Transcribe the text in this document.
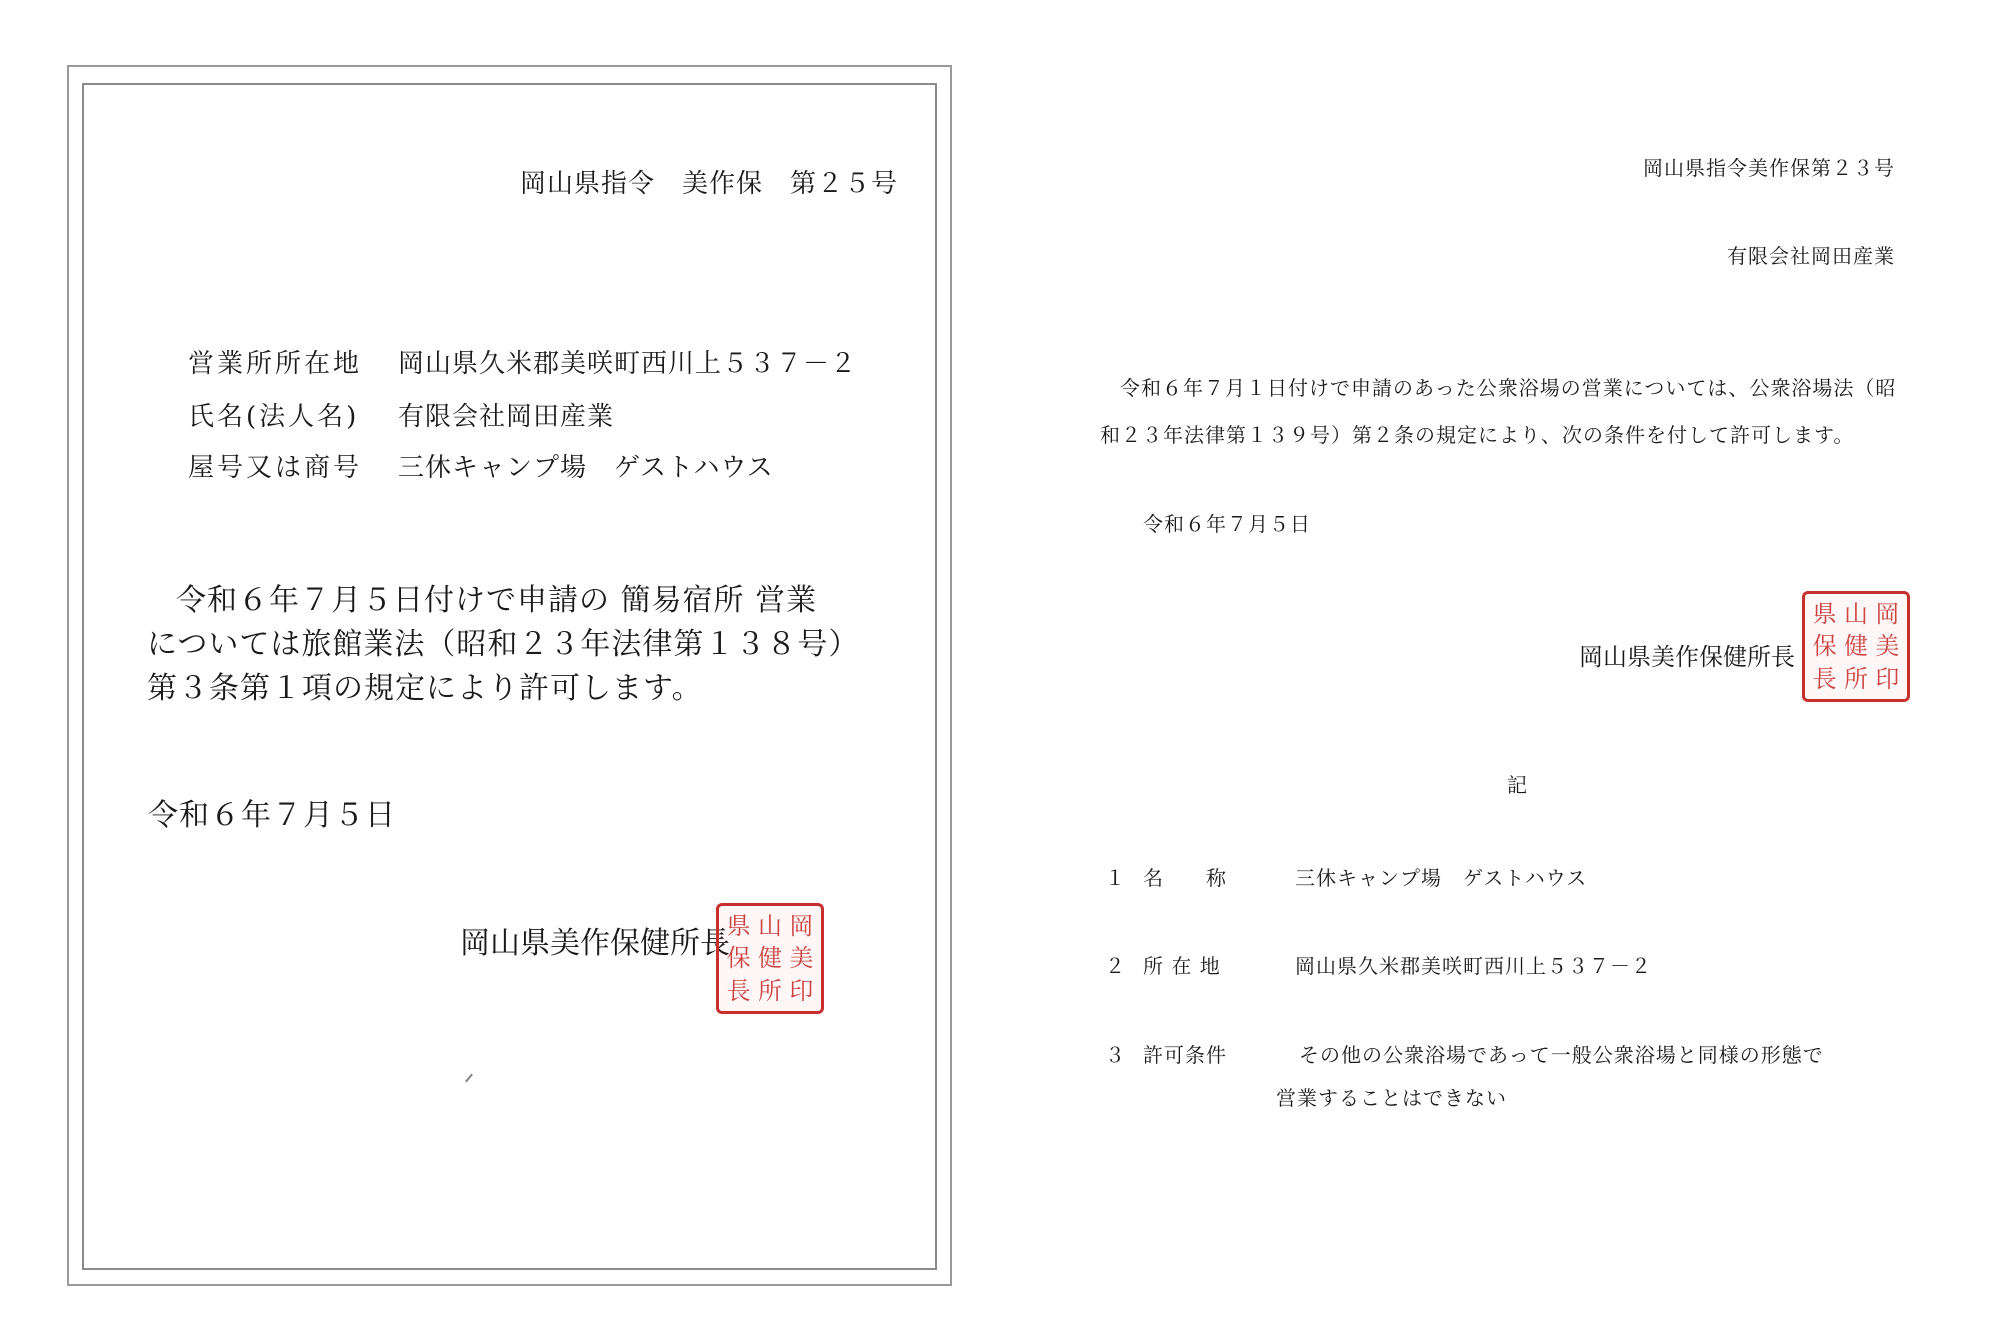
岡山県指令　美作保　第２５号
営業所所在地 岡山県久米郡美咲町西川上５３７－２
氏名(法人名) 有限会社岡田産業
屋号又は商号 三休キャンプ場　ゲストハウス
令和６年７月５日付けで申請の 簡易宿所 営業
については旅館業法（昭和２３年法律第１３８号）
第３条第１項の規定により許可します。
令和６年７月５日
岡山県美作保健所長
県
保
長
山
健
所
岡
美
印
岡山県指令美作保第２３号
有限会社岡田産業
令和６年７月１日付けで申請のあった公衆浴場の営業については、公衆浴場法（昭
和２３年法律第１３９号）第２条の規定により、次の条件を付して許可します。
令和６年７月５日
岡山県美作保健所長
県
保
長
山
健
所
岡
美
印
記
１ 名　　称	三休キャンプ場　ゲストハウス
２ 所 在 地	岡山県久米郡美咲町西川上５３７－２
３ 許可条件	その他の公衆浴場であって一般公衆浴場と同様の形態で
営業することはできない
